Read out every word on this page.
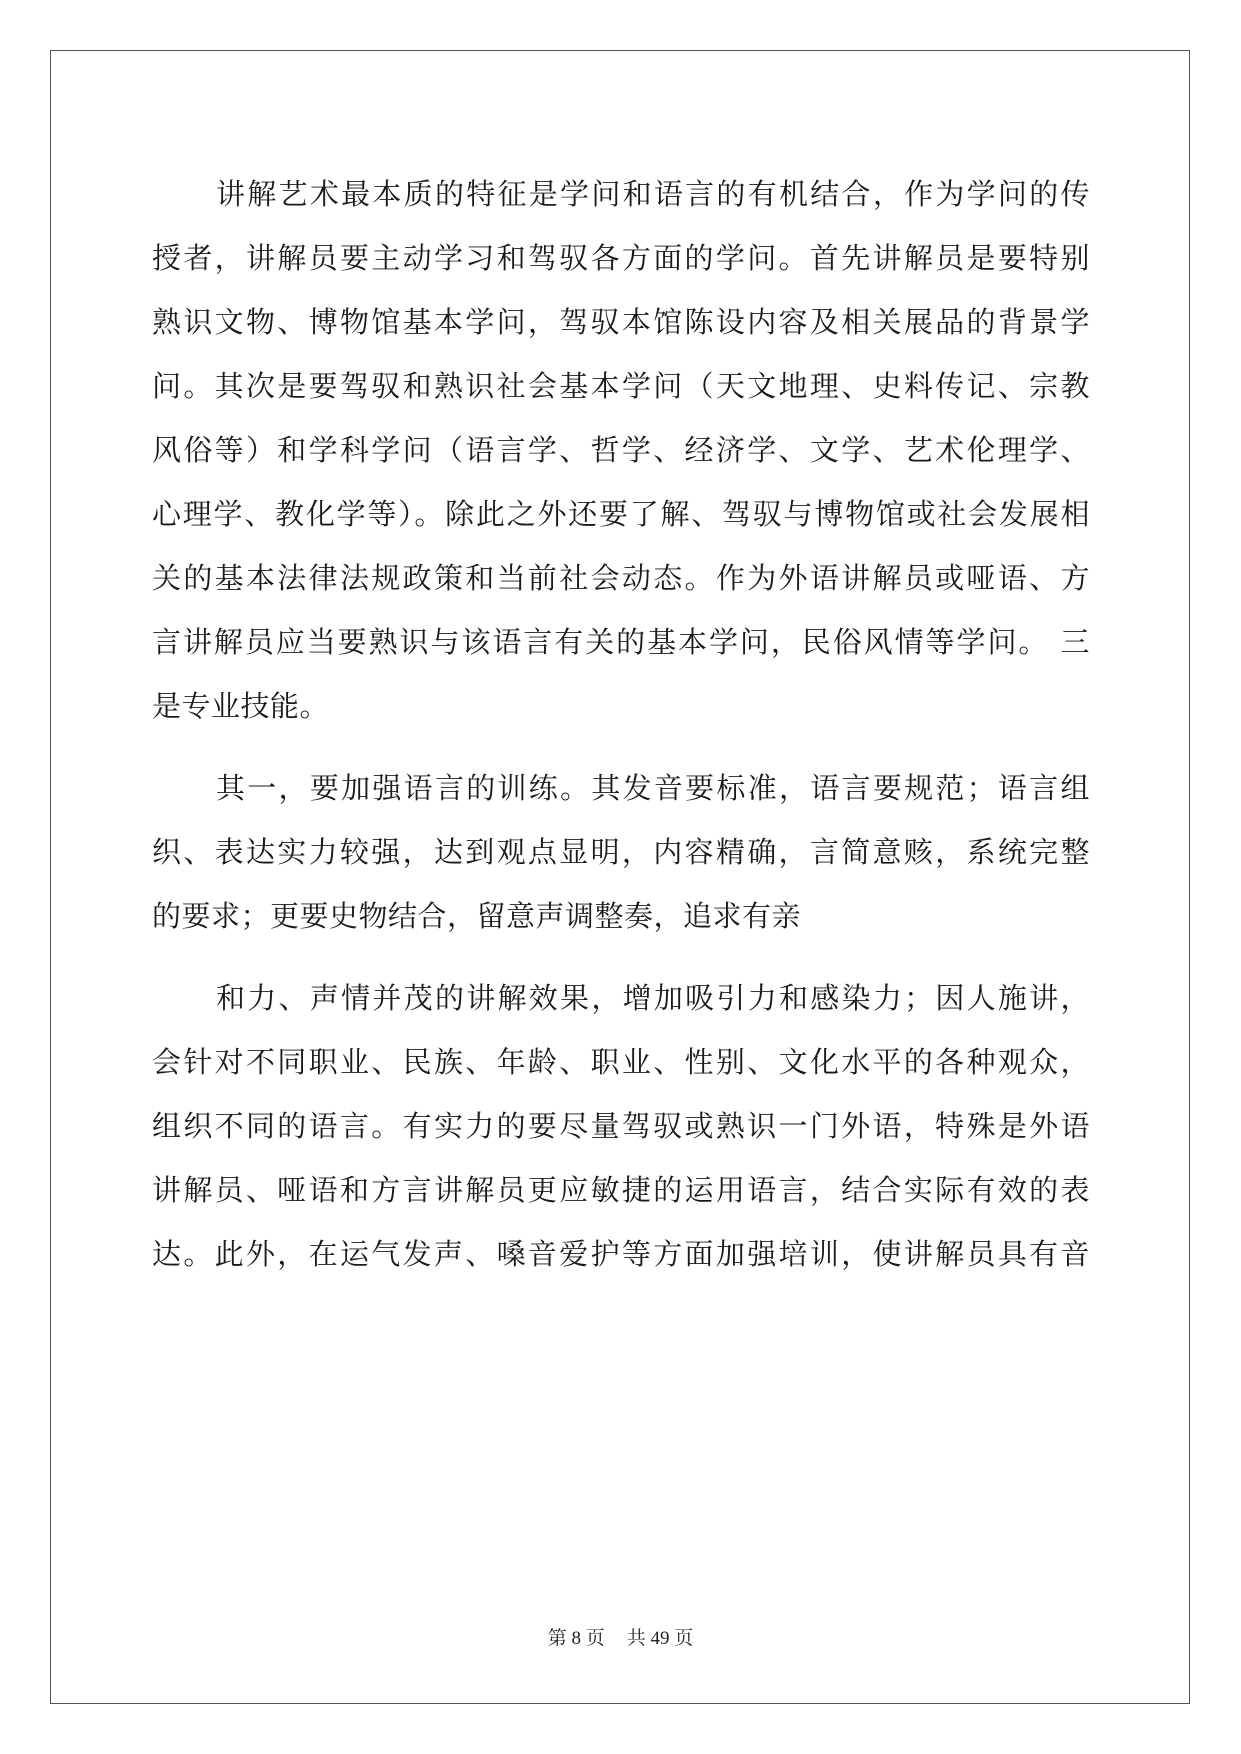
讲解艺术最本质的特征是学问和语言的有机结合，作为学问的传
授者，讲解员要主动学习和驾驭各方面的学问。首先讲解员是要特别
熟识文物、博物馆基本学问，驾驭本馆陈设内容及相关展品的背景学
问。其次是要驾驭和熟识社会基本学问（天文地理、史料传记、宗教
风俗等）和学科学问（语言学、哲学、经济学、文学、艺术伦理学、
心理学、教化学等）。除此之外还要了解、驾驭与博物馆或社会发展相
关的基本法律法规政策和当前社会动态。作为外语讲解员或哑语、方
言讲解员应当要熟识与该语言有关的基本学问，民俗风情等学问。 三
是专业技能。
其一，要加强语言的训练。其发音要标准，语言要规范；语言组
织、表达实力较强，达到观点显明，内容精确，言简意赅，系统完整
的要求；更要史物结合，留意声调整奏，追求有亲
和力、声情并茂的讲解效果，增加吸引力和感染力；因人施讲，
会针对不同职业、民族、年龄、职业、性别、文化水平的各种观众，
组织不同的语言。有实力的要尽量驾驭或熟识一门外语，特殊是外语
讲解员、哑语和方言讲解员更应敏捷的运用语言，结合实际有效的表
达。此外，在运气发声、嗓音爱护等方面加强培训，使讲解员具有音
第 8 页 共 49 页
